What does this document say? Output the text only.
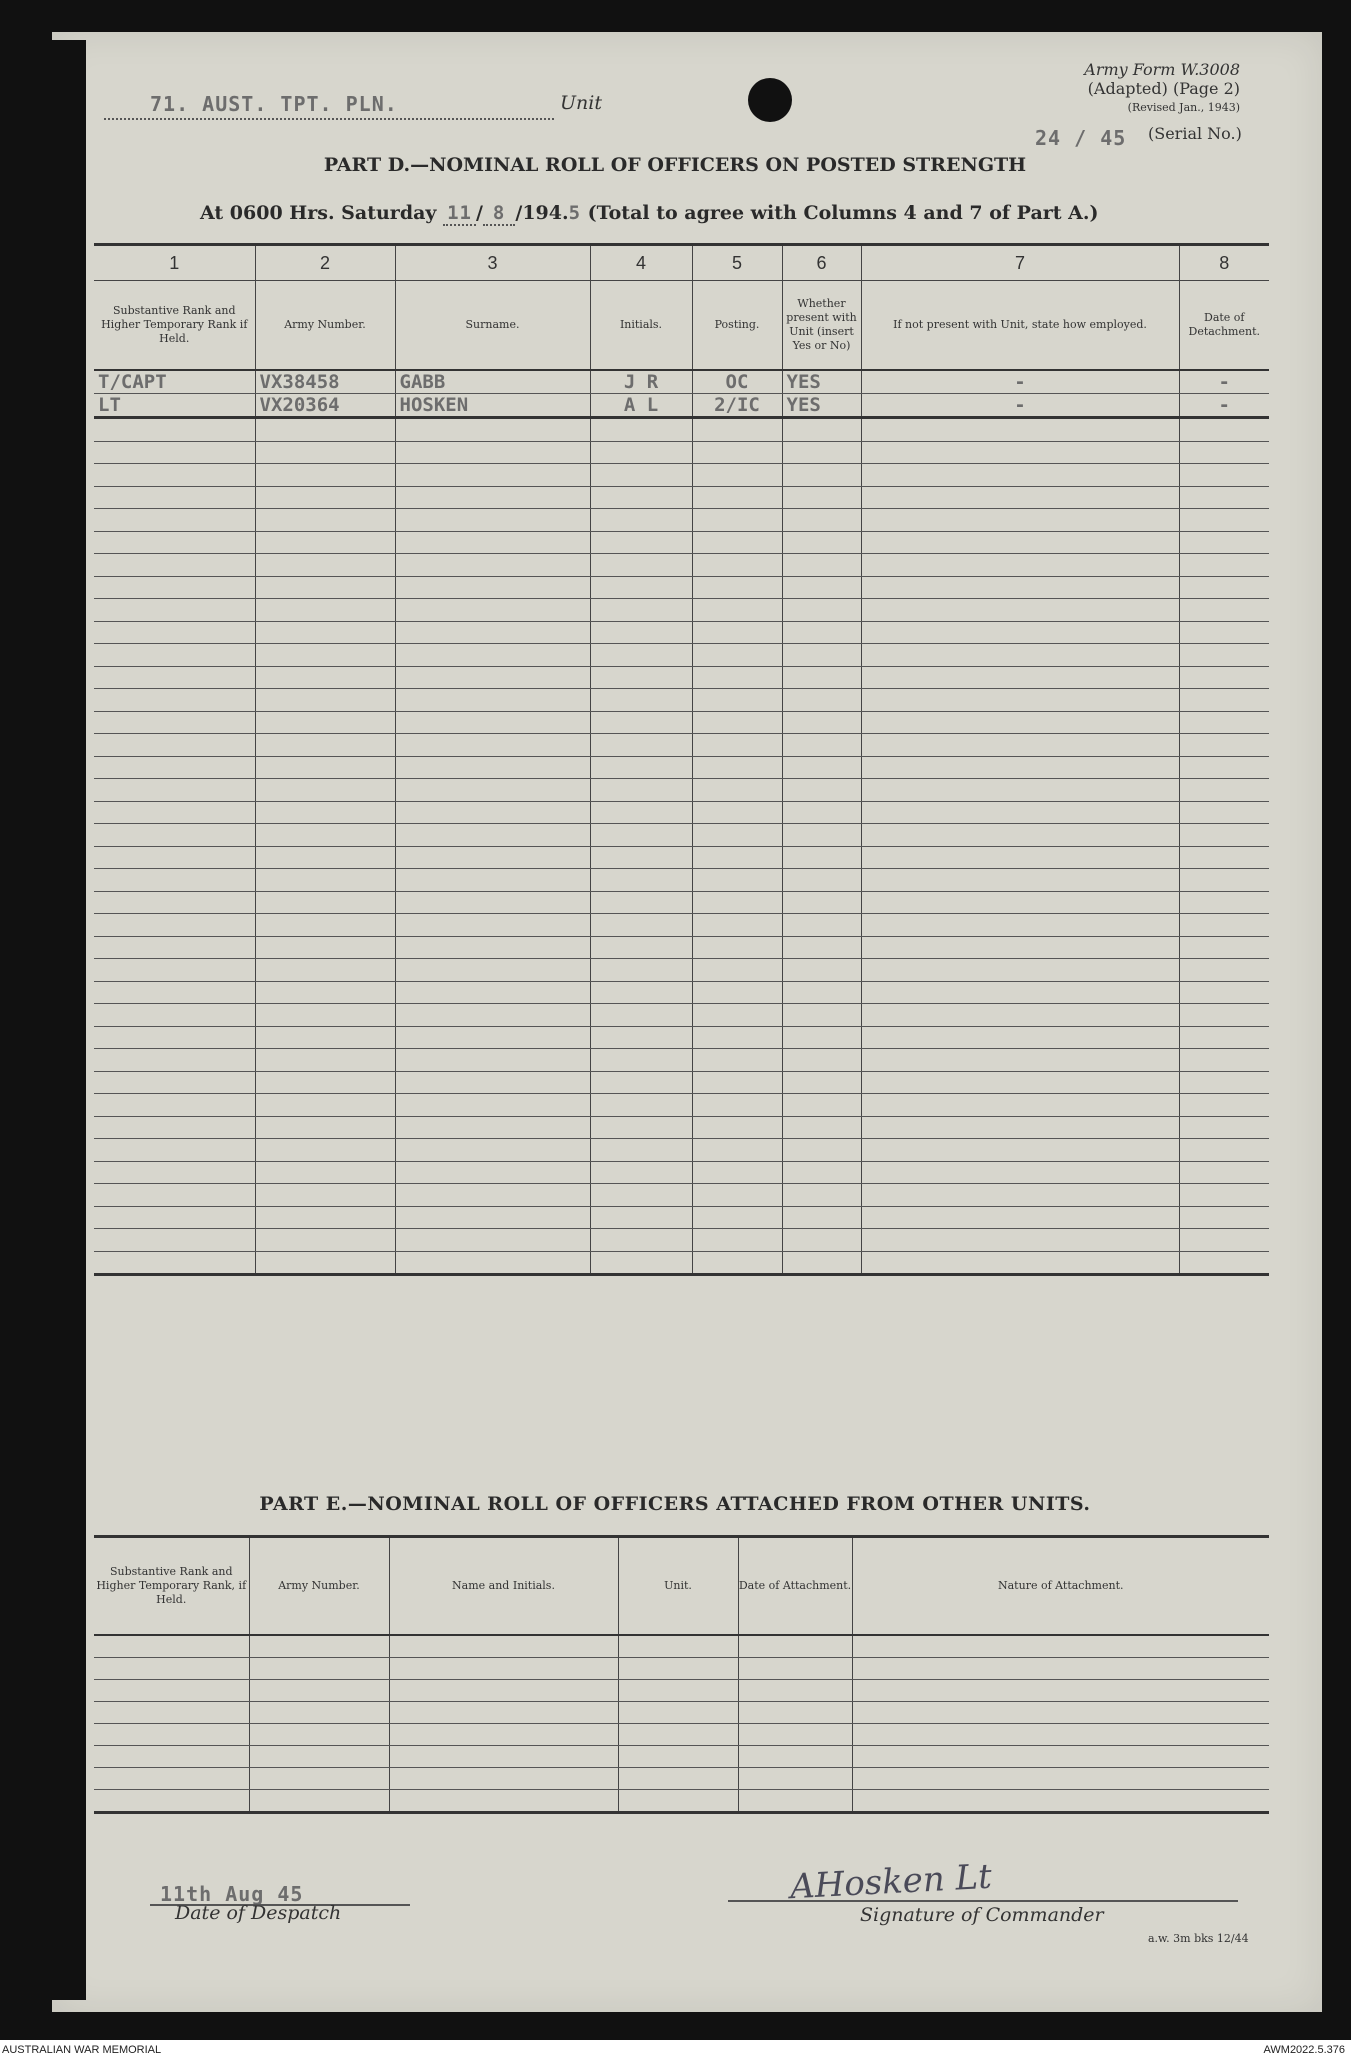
71. AUST. TPT. PLN.	Unit
Army Form W.3008
(Adapted) (Page 2)
(Revised Jan., 1943)
24 / 45 (Serial No.)
PART D.—NOMINAL ROLL OF OFFICERS ON POSTED STRENGTH
At 0600 Hrs. Saturday 11 / 8 /194.5 (Total to agree with Columns 4 and 7 of Part A.)
1	2	3	4	5	6	7	8
Substantive Rank and Higher Temporary Rank if Held.	Army Number.	Surname.	Initials.	Posting.	Whether present with Unit (insert Yes or No)	If not present with Unit, state how employed.	Date of Detachment.
T/CAPT	VX38458	GABB	J R	OC	YES	-	-
LT	VX20364	HOSKEN	A L	2/IC	YES	-	-

PART E.—NOMINAL ROLL OF OFFICERS ATTACHED FROM OTHER UNITS.
Substantive Rank and Higher Temporary Rank, if Held.	Army Number.	Name and Initials.	Unit.	Date of Attachment.	Nature of Attachment.

11th Aug 45
Date of Despatch
AHosken Lt
Signature of Commander
a.w. 3m bks 12/44
AUSTRALIAN WAR MEMORIAL	AWM2022.5.376
